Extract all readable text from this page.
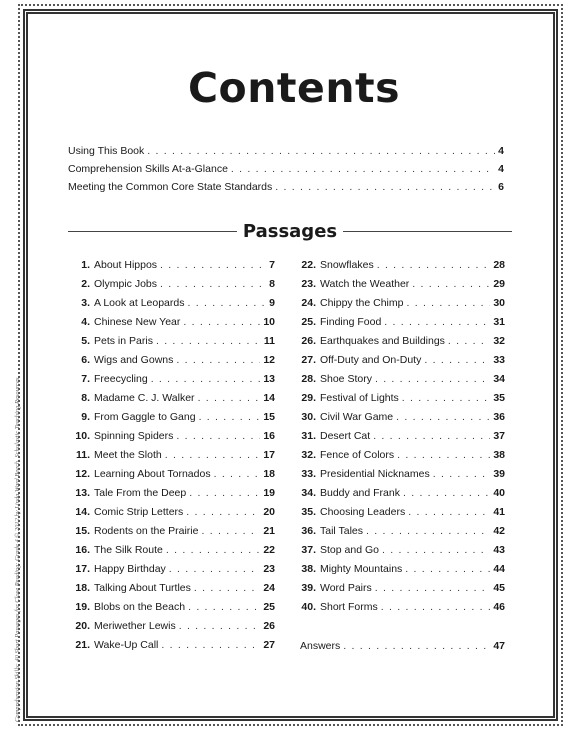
Comprehension Skills: 40 Short Passages for Close Reading: Grade 4 © 2012 by Linda Ward Beech, Scholastic Teaching Resources
Contents
Using This Book . . .	4
Comprehension Skills At-a-Glance . . .	4
Meeting the Common Core State Standards . . .	6
Passages
1. About Hippos . . .	7
2. Olympic Jobs . . .	8
3. A Look at Leopards . . .	9
4. Chinese New Year . . .	10
5. Pets in Paris . . .	11
6. Wigs and Gowns . . .	12
7. Freecycling . . .	13
8. Madame C. J. Walker . . .	14
9. From Gaggle to Gang . . .	15
10. Spinning Spiders . . .	16
11. Meet the Sloth . . .	17
12. Learning About Tornados . . .	18
13. Tale From the Deep . . .	19
14. Comic Strip Letters . . .	20
15. Rodents on the Prairie . . .	21
16. The Silk Route . . .	22
17. Happy Birthday . . .	23
18. Talking About Turtles . . .	24
19. Blobs on the Beach . . .	25
20. Meriwether Lewis . . .	26
21. Wake-Up Call . . .	27
22. Snowflakes . . .	28
23. Watch the Weather . . .	29
24. Chippy the Chimp . . .	30
25. Finding Food . . .	31
26. Earthquakes and Buildings . . .	32
27. Off-Duty and On-Duty . . .	33
28. Shoe Story . . .	34
29. Festival of Lights . . .	35
30. Civil War Game . . .	36
31. Desert Cat . . .	37
32. Fence of Colors . . .	38
33. Presidential Nicknames . . .	39
34. Buddy and Frank . . .	40
35. Choosing Leaders . . .	41
36. Tail Tales . . .	42
37. Stop and Go . . .	43
38. Mighty Mountains . . .	44
39. Word Pairs . . .	45
40. Short Forms . . .	46
Answers . . .	47
